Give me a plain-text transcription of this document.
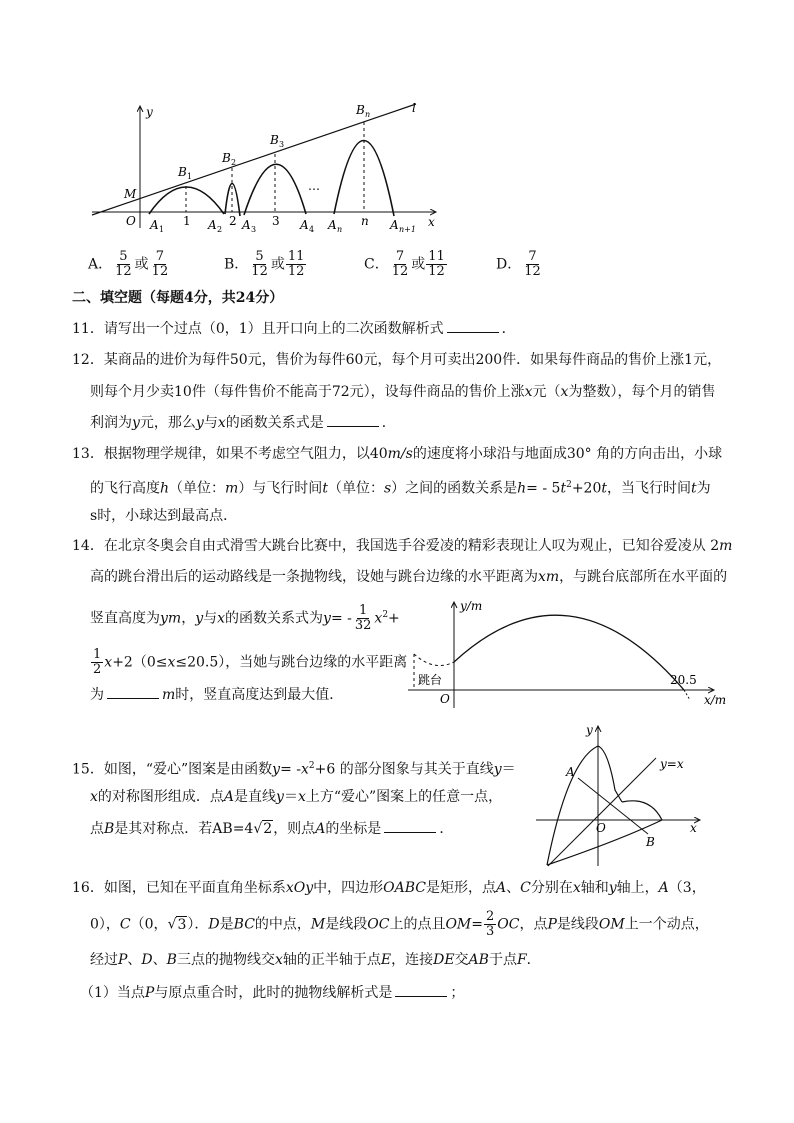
y
x
l
M
O
…
B 1
B 2
B 3
B n
1	2	3	n
A 1	A 2 A 3	A 4 A n	A n+1
A． $\frac{5}{12}$ 或 $\frac{7}{12}$	B． $\frac{5}{12}$ 或 $\frac{11}{12}$	C． $\frac{7}{12}$ 或 $\frac{11}{12}$	D． $\frac{7}{12}$
二、填空题（每题4分，共24分）
11．请写出一个过点（0，1）且开口向上的二次函数解析式	．
12．某商品的进价为每件50元，售价为每件60元，每个月可卖出200件．如果每件商品的售价上涨1元，
则每个月少卖10件（每件售价不能高于72元），设每件商品的售价上涨x元（x为整数），每个月的销售
利润为y元，那么y与x的函数关系式是	．
13．根据物理学规律，如果不考虑空气阻力，以40m/s的速度将小球沿与地面成30° 角的方向击出，小球
的飞行高度h（单位：m）与飞行时间t（单位：s）之间的函数关系是$h= - 5t^2+20t$，当飞行时间t为
s时，小球达到最高点．
14．在北京冬奥会自由式滑雪大跳台比赛中，我国选手谷爱凌的精彩表现让人叹为观止，已知谷爱凌从 2m
高的跳台滑出后的运动路线是一条抛物线，设她与跳台边缘的水平距离为xm，与跳台底部所在水平面的
竖直高度为ym，y与x的函数关系式为$y= - \frac{1}{32} x^2+$
$\frac{1}{2} x+2(0\le x\le 20.5)$，当她与跳台边缘的水平距离
为	m时，竖直高度达到最大值．
y/m
x/m
O
跳台	20.5
15．如图，“爱心”图案是由函数$y= -x^2+6$ 的部分图象与其关于直线y＝
x的对称图形组成．点A是直线y＝x上方“爱心”图案上的任意一点，
点B是其对称点．若AB=4√2，则点A的坐标是	．
y
x
A
B
O
y=x
16．如图，已知在平面直角坐标系xOy中，四边形OABC是矩形，点A、C分别在x轴和y轴上，A（3，
0），C（0，√3）．D是BC的中点，M是线段OC上的点且$OM= \frac{2}{3}$ OC，点P是线段OM上一个动点，
经过P、D、B三点的抛物线交x轴的正半轴于点E，连接DE交AB于点F．
（1）当点P与原点重合时，此时的抛物线解析式是	；
